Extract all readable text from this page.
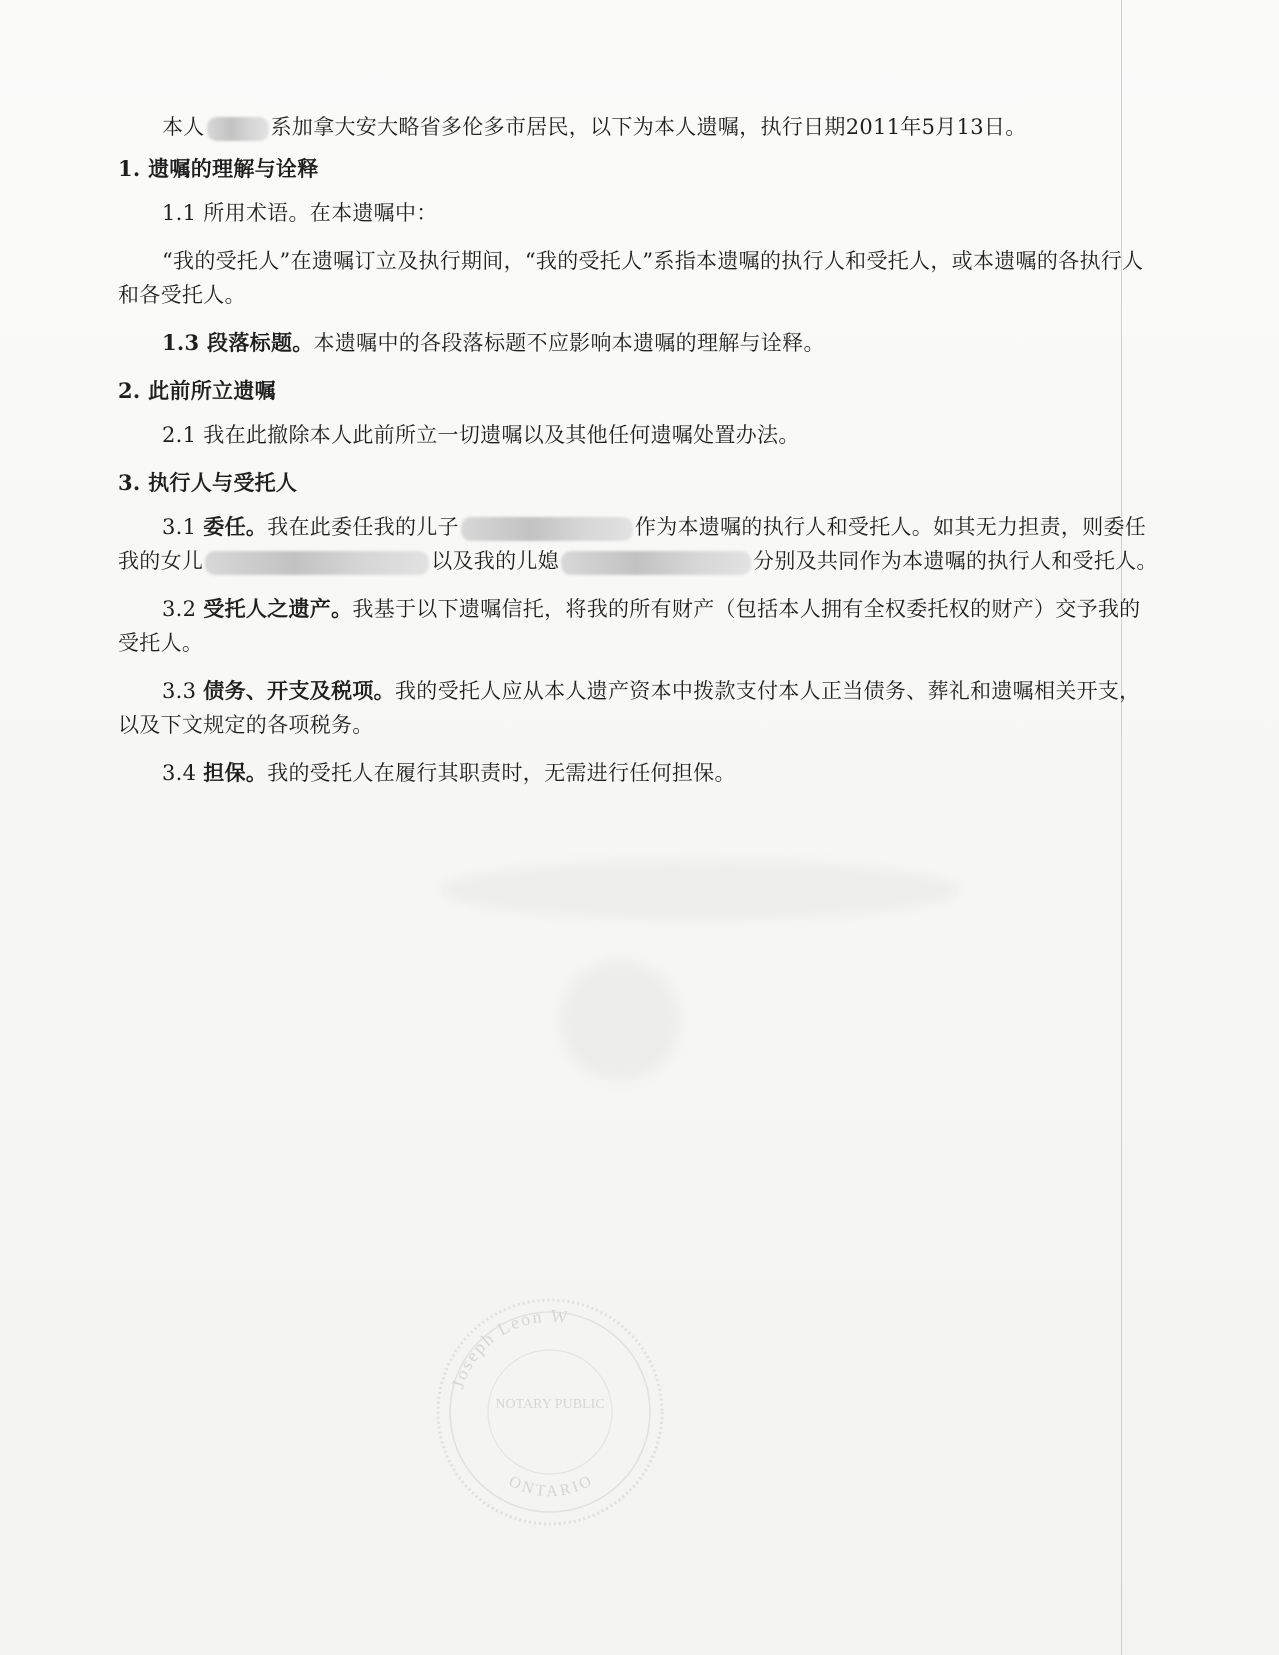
本人	系加拿大安大略省多伦多市居民，以下为本人遗嘱，执行日期2011年5月13日。

1. 遗嘱的理解与诠释

1.1 所用术语。在本遗嘱中：

“我的受托人”在遗嘱订立及执行期间，“我的受托人”系指本遗嘱的执行人和受托人，或本遗嘱的各执行人和各受托人。

1.3 段落标题。本遗嘱中的各段落标题不应影响本遗嘱的理解与诠释。

2. 此前所立遗嘱

2.1 我在此撤除本人此前所立一切遗嘱以及其他任何遗嘱处置办法。

3. 执行人与受托人

3.1 委任。我在此委任我的儿子	作为本遗嘱的执行人和受托人。如其无力担责，则委任我的女儿	以及我的儿媳	分别及共同作为本遗嘱的执行人和受托人。

3.2 受托人之遗产。我基于以下遗嘱信托，将我的所有财产（包括本人拥有全权委托权的财产）交予我的受托人。

3.3 债务、开支及税项。我的受托人应从本人遗产资本中拨款支付本人正当债务、葬礼和遗嘱相关开支，以及下文规定的各项税务。

3.4 担保。我的受托人在履行其职责时，无需进行任何担保。

Joseph Leon W
NOTARY PUBLIC
ONTARIO
